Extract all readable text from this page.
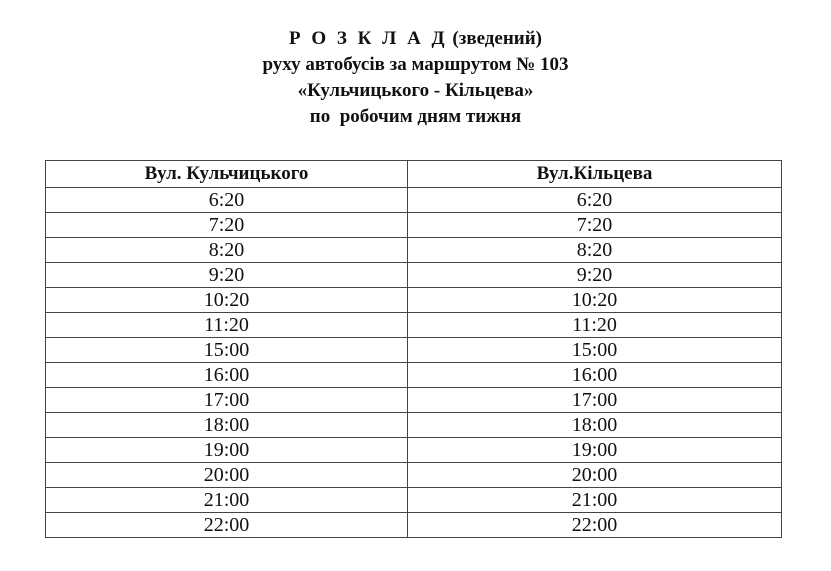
Р О З К Л А Д (зведений)
руху автобусів за маршрутом № 103
«Кульчицького - Кільцева»
по  робочим дням тижня
Вул. Кульчицького	Вул.Кільцева
6:20	6:20
7:20	7:20
8:20	8:20
9:20	9:20
10:20	10:20
11:20	11:20
15:00	15:00
16:00	16:00
17:00	17:00
18:00	18:00
19:00	19:00
20:00	20:00
21:00	21:00
22:00	22:00
